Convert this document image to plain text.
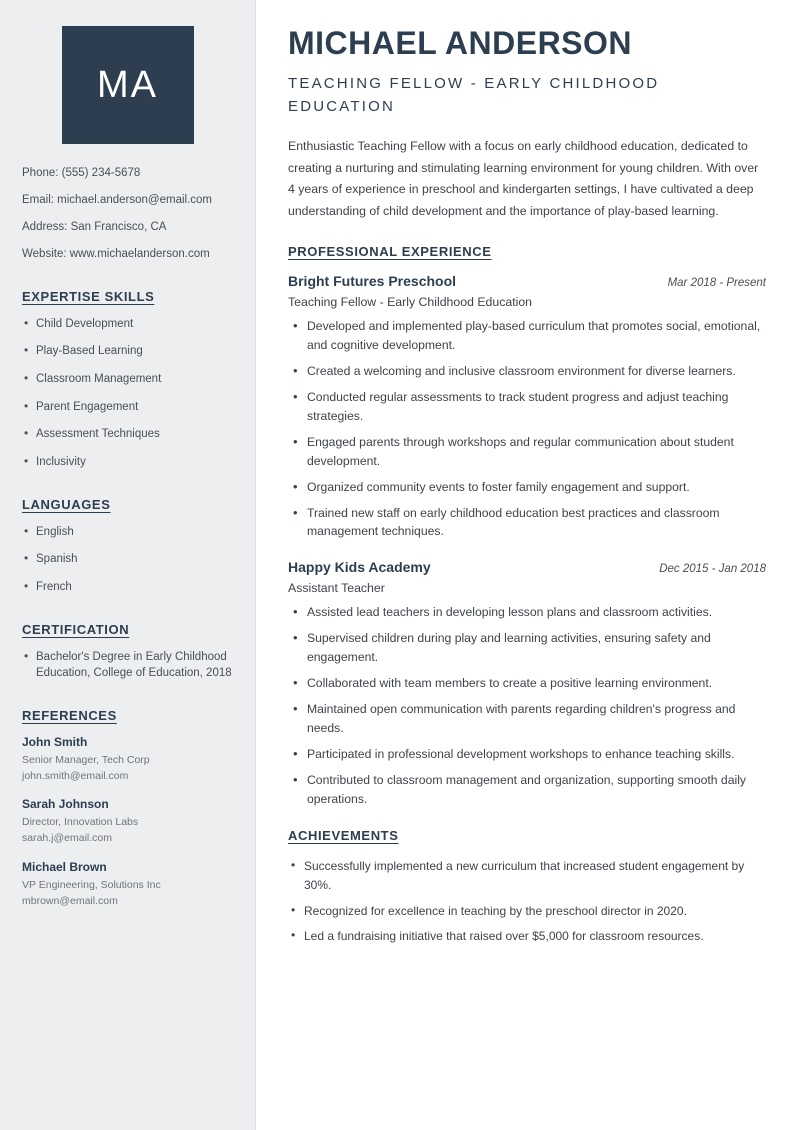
MA
Phone: (555) 234-5678
Email: michael.anderson@email.com
Address: San Francisco, CA
Website: www.michaelanderson.com
EXPERTISE SKILLS
• Child Development
• Play-Based Learning
• Classroom Management
• Parent Engagement
• Assessment Techniques
• Inclusivity
LANGUAGES
• English
• Spanish
• French
CERTIFICATION
• Bachelor's Degree in Early Childhood Education, College of Education, 2018
REFERENCES
John Smith
Senior Manager, Tech Corp
john.smith@email.com
Sarah Johnson
Director, Innovation Labs
sarah.j@email.com
Michael Brown
VP Engineering, Solutions Inc
mbrown@email.com
MICHAEL ANDERSON
TEACHING FELLOW - EARLY CHILDHOOD EDUCATION
Enthusiastic Teaching Fellow with a focus on early childhood education, dedicated to creating a nurturing and stimulating learning environment for young children. With over 4 years of experience in preschool and kindergarten settings, I have cultivated a deep understanding of child development and the importance of play-based learning.
PROFESSIONAL EXPERIENCE
Bright Futures Preschool	Mar 2018 - Present
Teaching Fellow - Early Childhood Education
• Developed and implemented play-based curriculum that promotes social, emotional, and cognitive development.
• Created a welcoming and inclusive classroom environment for diverse learners.
• Conducted regular assessments to track student progress and adjust teaching strategies.
• Engaged parents through workshops and regular communication about student development.
• Organized community events to foster family engagement and support.
• Trained new staff on early childhood education best practices and classroom management techniques.
Happy Kids Academy	Dec 2015 - Jan 2018
Assistant Teacher
• Assisted lead teachers in developing lesson plans and classroom activities.
• Supervised children during play and learning activities, ensuring safety and engagement.
• Collaborated with team members to create a positive learning environment.
• Maintained open communication with parents regarding children's progress and needs.
• Participated in professional development workshops to enhance teaching skills.
• Contributed to classroom management and organization, supporting smooth daily operations.
ACHIEVEMENTS
• Successfully implemented a new curriculum that increased student engagement by 30%.
• Recognized for excellence in teaching by the preschool director in 2020.
• Led a fundraising initiative that raised over $5,000 for classroom resources.
